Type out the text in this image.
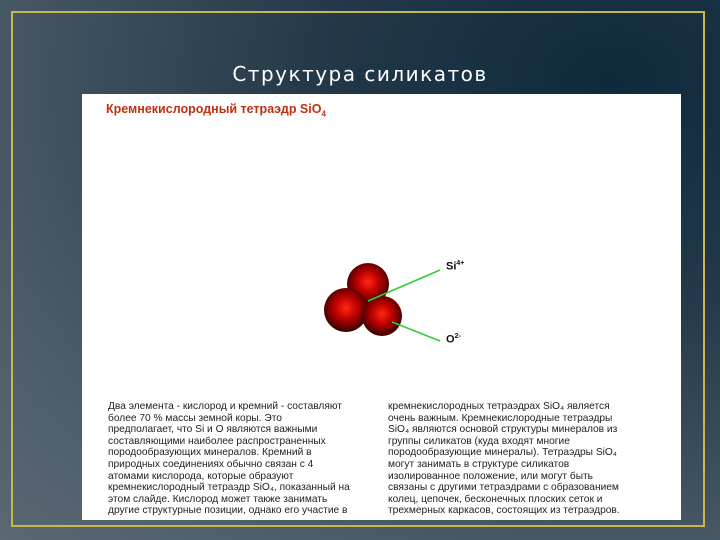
Структура силикатов
Кремнекислородный тетраэдр SiO$_4$
$Si^{4+}$
$O^{2-}$
Два элемента - кислород и кремний - составляют
более 70 % массы земной коры. Это
предполагает, что Si и O являются важными
составляющими наиболее распространенных
породообразующих минералов. Кремний в
природных соединениях обычно связан с 4
атомами кислорода, которые образуют
кремнекислородный тетраэдр SiO₄, показанный на
этом слайде. Кислород может также занимать
другие структурные позиции, однако его участие в
кремнекислородных тетраэдрах SiO₄ является
очень важным. Кремнекислородные тетраэдры
SiO₄ являются основой структуры минералов из
группы силикатов (куда входят многие
породообразующие минералы). Тетраэдры SiO₄
могут занимать в структуре силикатов
изолированное положение, или могут быть
связаны с другими тетраэдрами с образованием
колец, цепочек, бесконечных плоских сеток и
трехмерных каркасов, состоящих из тетраэдров.
